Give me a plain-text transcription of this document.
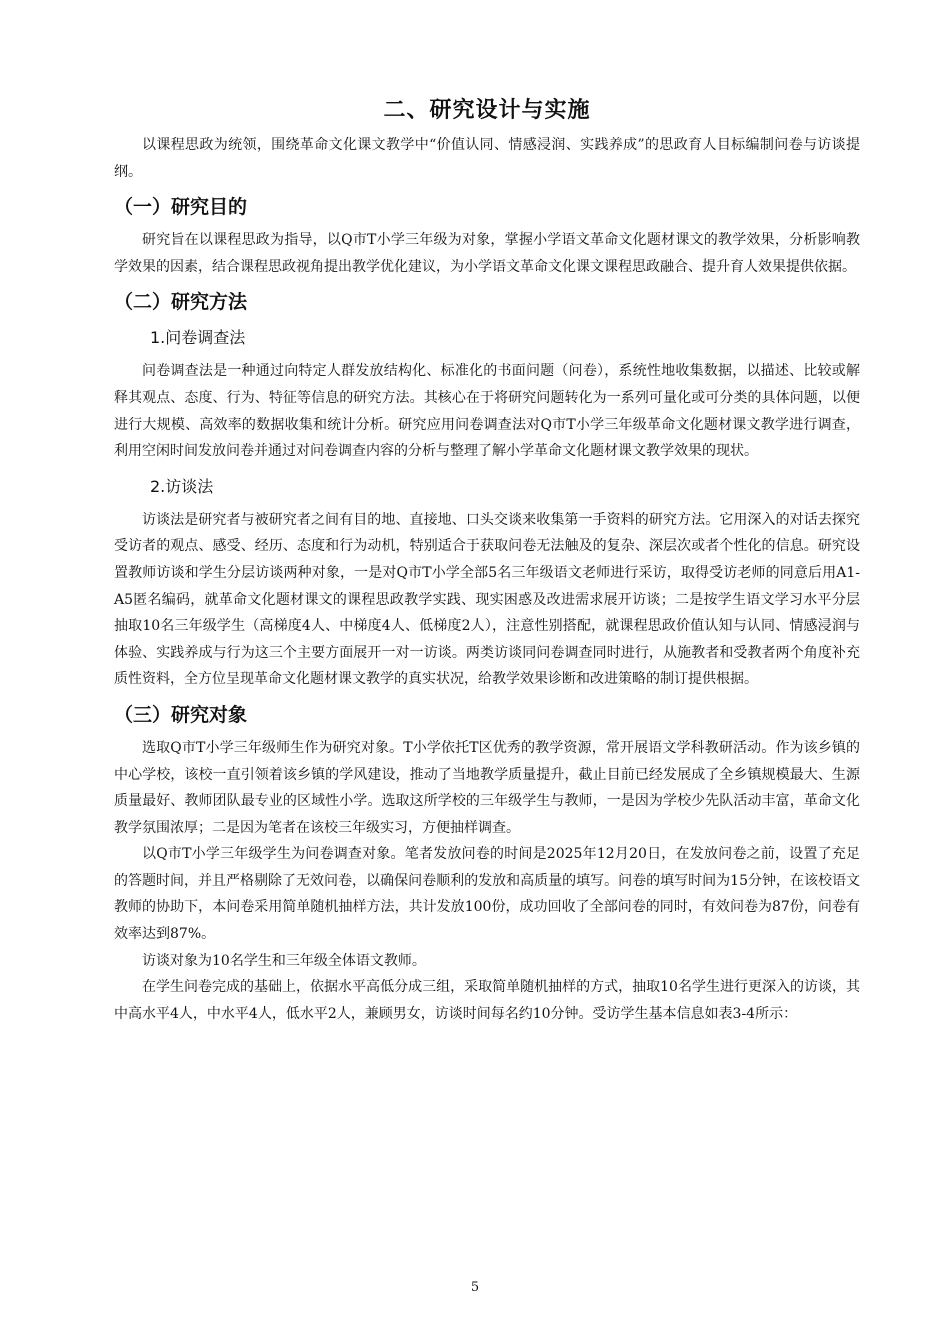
二、研究设计与实施

以课程思政为统领，围绕革命文化课文教学中“价值认同、情感浸润、实践养成”的思政育人目标编制问卷与访谈提纲。

（一）研究目的

研究旨在以课程思政为指导，以Q市T小学三年级为对象，掌握小学语文革命文化题材课文的教学效果，分析影响教学效果的因素，结合课程思政视角提出教学优化建议，为小学语文革命文化课文课程思政融合、提升育人效果提供依据。

（二）研究方法
1.问卷调查法

问卷调查法是一种通过向特定人群发放结构化、标准化的书面问题（问卷），系统性地收集数据，以描述、比较或解释其观点、态度、行为、特征等信息的研究方法。其核心在于将研究问题转化为一系列可量化或可分类的具体问题，以便进行大规模、高效率的数据收集和统计分析。研究应用问卷调查法对Q市T小学三年级革命文化题材课文教学进行调查，利用空闲时间发放问卷并通过对问卷调查内容的分析与整理了解小学革命文化题材课文教学效果的现状。

2.访谈法

访谈法是研究者与被研究者之间有目的地、直接地、口头交谈来收集第一手资料的研究方法。它用深入的对话去探究受访者的观点、感受、经历、态度和行为动机，特别适合于获取问卷无法触及的复杂、深层次或者个性化的信息。研究设置教师访谈和学生分层访谈两种对象，一是对Q市T小学全部5名三年级语文老师进行采访，取得受访老师的同意后用A1-A5匿名编码，就革命文化题材课文的课程思政教学实践、现实困惑及改进需求展开访谈；二是按学生语文学习水平分层抽取10名三年级学生（高梯度4人、中梯度4人、低梯度2人），注意性别搭配，就课程思政价值认知与认同、情感浸润与体验、实践养成与行为这三个主要方面展开一对一访谈。两类访谈同问卷调查同时进行，从施教者和受教者两个角度补充质性资料，全方位呈现革命文化题材课文教学的真实状况，给教学效果诊断和改进策略的制订提供根据。

（三）研究对象

选取Q市T小学三年级师生作为研究对象。T小学依托T区优秀的教学资源，常开展语文学科教研活动。作为该乡镇的中心学校，该校一直引领着该乡镇的学风建设，推动了当地教学质量提升，截止目前已经发展成了全乡镇规模最大、生源质量最好、教师团队最专业的区域性小学。选取这所学校的三年级学生与教师，一是因为学校少先队活动丰富，革命文化教学氛围浓厚；二是因为笔者在该校三年级实习，方便抽样调查。

以Q市T小学三年级学生为问卷调查对象。笔者发放问卷的时间是2025年12月20日，在发放问卷之前，设置了充足的答题时间，并且严格剔除了无效问卷，以确保问卷顺利的发放和高质量的填写。问卷的填写时间为15分钟，在该校语文教师的协助下，本问卷采用简单随机抽样方法，共计发放100份，成功回收了全部问卷的同时，有效问卷为87份，问卷有效率达到87%。

访谈对象为10名学生和三年级全体语文教师。

在学生问卷完成的基础上，依据水平高低分成三组，采取简单随机抽样的方式，抽取10名学生进行更深入的访谈，其中高水平4人，中水平4人，低水平2人，兼顾男女，访谈时间每名约10分钟。受访学生基本信息如表3-4所示：

5
